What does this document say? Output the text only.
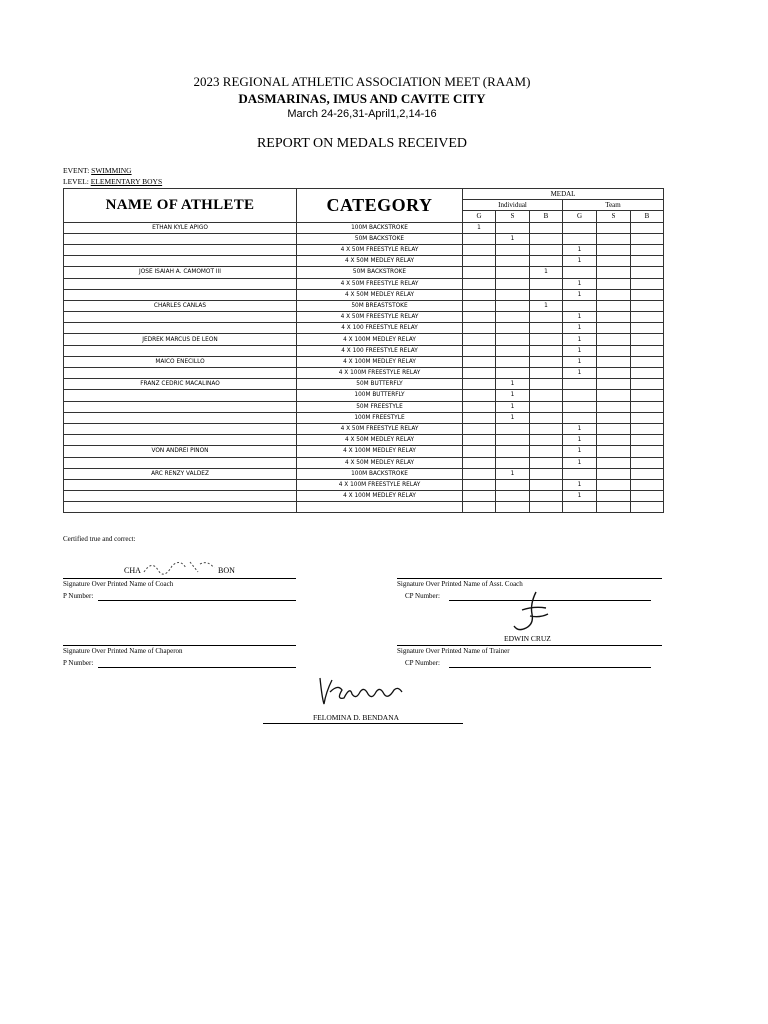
2023 REGIONAL ATHLETIC ASSOCIATION MEET (RAAM)
DASMARINAS, IMUS AND CAVITE CITY
March 24-26,31-April1,2,14-16
REPORT ON MEDALS RECEIVED
EVENT: SWIMMING
LEVEL: ELEMENTARY BOYS
NAME OF ATHLETE	CATEGORY	MEDAL					
		Individual			Team		
		G	S	B	G	S	B
ETHAN KYLE APIGO	100M BACKSTROKE	1					
	50M BACKSTOKE		1				
	4 X 50M FREESTYLE RELAY				1		
	4 X 50M MEDLEY RELAY				1		
JOSE ISAIAH A. CAMOMOT III	50M BACKSTROKE			1			
	4 X 50M FREESTYLE RELAY				1		
	4 X 50M MEDLEY RELAY				1		
CHARLES CANLAS	50M BREASTSTOKE			1			
	4 X 50M FREESTYLE RELAY				1		
	4 X 100 FREESTYLE RELAY				1		
JEDREK MARCUS DE LEON	4 X 100M MEDLEY RELAY				1		
	4 X 100 FREESTYLE RELAY				1		
MAICO ENECILLO	4 X 100M MEDLEY RELAY				1		
	4 X 100M FREESTYLE RELAY				1		
FRANZ CEDRIC MACALINAO	50M BUTTERFLY		1				
	100M BUTTERFLY		1				
	50M FREESTYLE		1				
	100M FREESTYLE		1				
	4 X 50M FREESTYLE RELAY				1		
	4 X 50M MEDLEY RELAY				1		
VON ANDREI PINON	4 X 100M MEDLEY RELAY				1		
	4 X 50M MEDLEY RELAY				1		
ARC RENZY VALDEZ	100M BACKSTROKE		1				
	4 X 100M FREESTYLE RELAY				1		
	4 X 100M MEDLEY RELAY				1		

Certified true and correct:
CHA	BON
Signature Over Printed Name of Coach
P Number:
Signature Over Printed Name of Asst. Coach
CP Number:
EDWIN CRUZ
Signature Over Printed Name of Chaperon
P Number:
Signature Over Printed Name of Trainer
CP Number:
FELOMINA D. BENDANA
